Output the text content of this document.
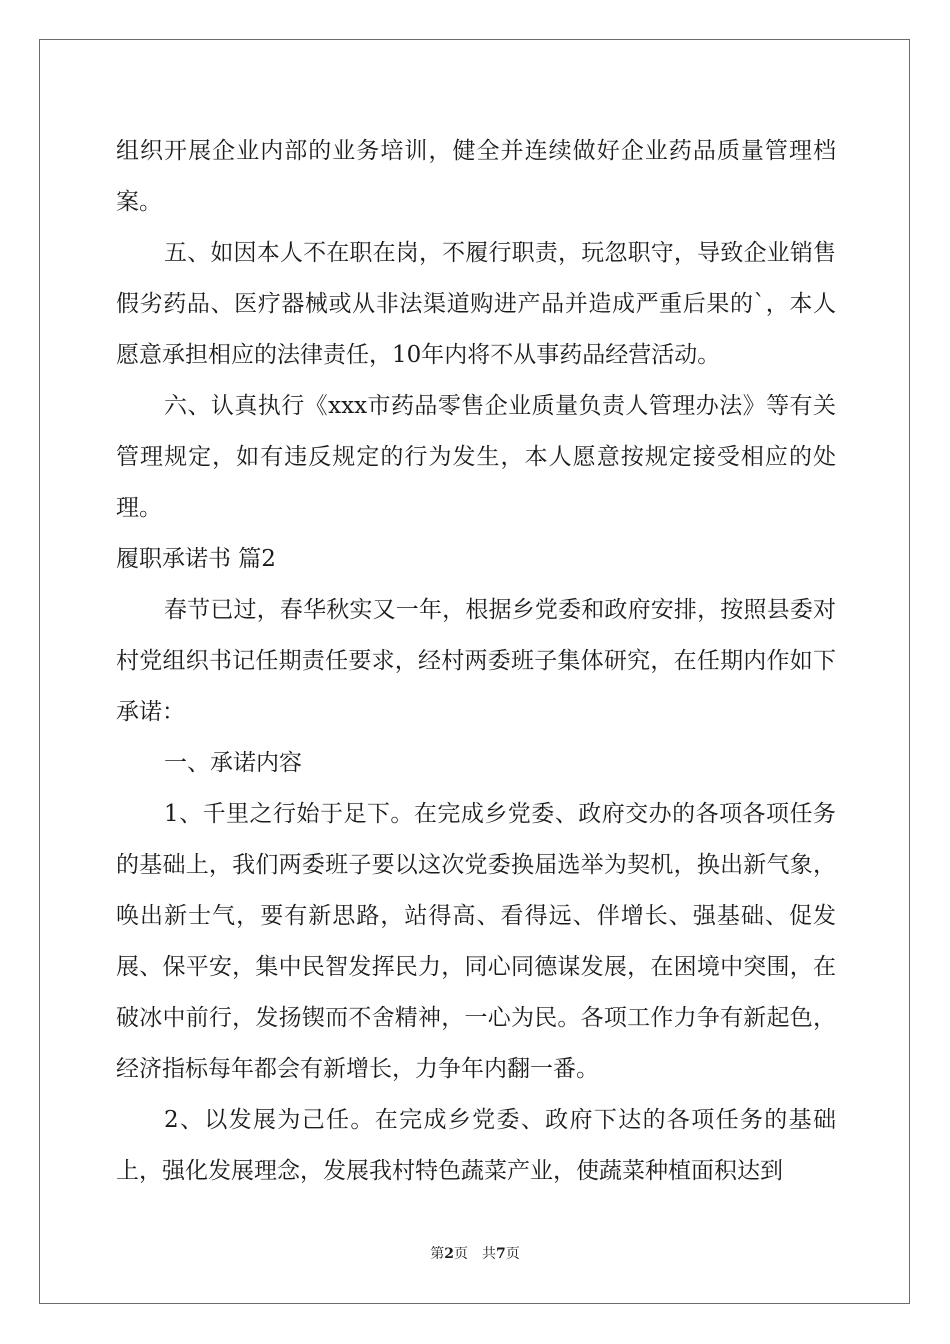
组织开展企业内部的业务培训，健全并连续做好企业药品质量管理档案。

五、如因本人不在职在岗，不履行职责，玩忽职守，导致企业销售假劣药品、医疗器械或从非法渠道购进产品并造成严重后果的`，本人愿意承担相应的法律责任，10年内将不从事药品经营活动。

六、认真执行《xxx市药品零售企业质量负责人管理办法》等有关管理规定，如有违反规定的行为发生，本人愿意按规定接受相应的处理。

履职承诺书 篇2

春节已过，春华秋实又一年，根据乡党委和政府安排，按照县委对村党组织书记任期责任要求，经村两委班子集体研究，在任期内作如下承诺：

一、承诺内容

1、千里之行始于足下。在完成乡党委、政府交办的各项各项任务的基础上，我们两委班子要以这次党委换届选举为契机，换出新气象，唤出新士气，要有新思路，站得高、看得远、伴增长、强基础、促发展、保平安，集中民智发挥民力，同心同德谋发展，在困境中突围，在破冰中前行，发扬锲而不舍精神，一心为民。各项工作力争有新起色，经济指标每年都会有新增长，力争年内翻一番。

2、以发展为己任。在完成乡党委、政府下达的各项任务的基础上，强化发展理念，发展我村特色蔬菜产业，使蔬菜种植面积达到

第2页 共7页
